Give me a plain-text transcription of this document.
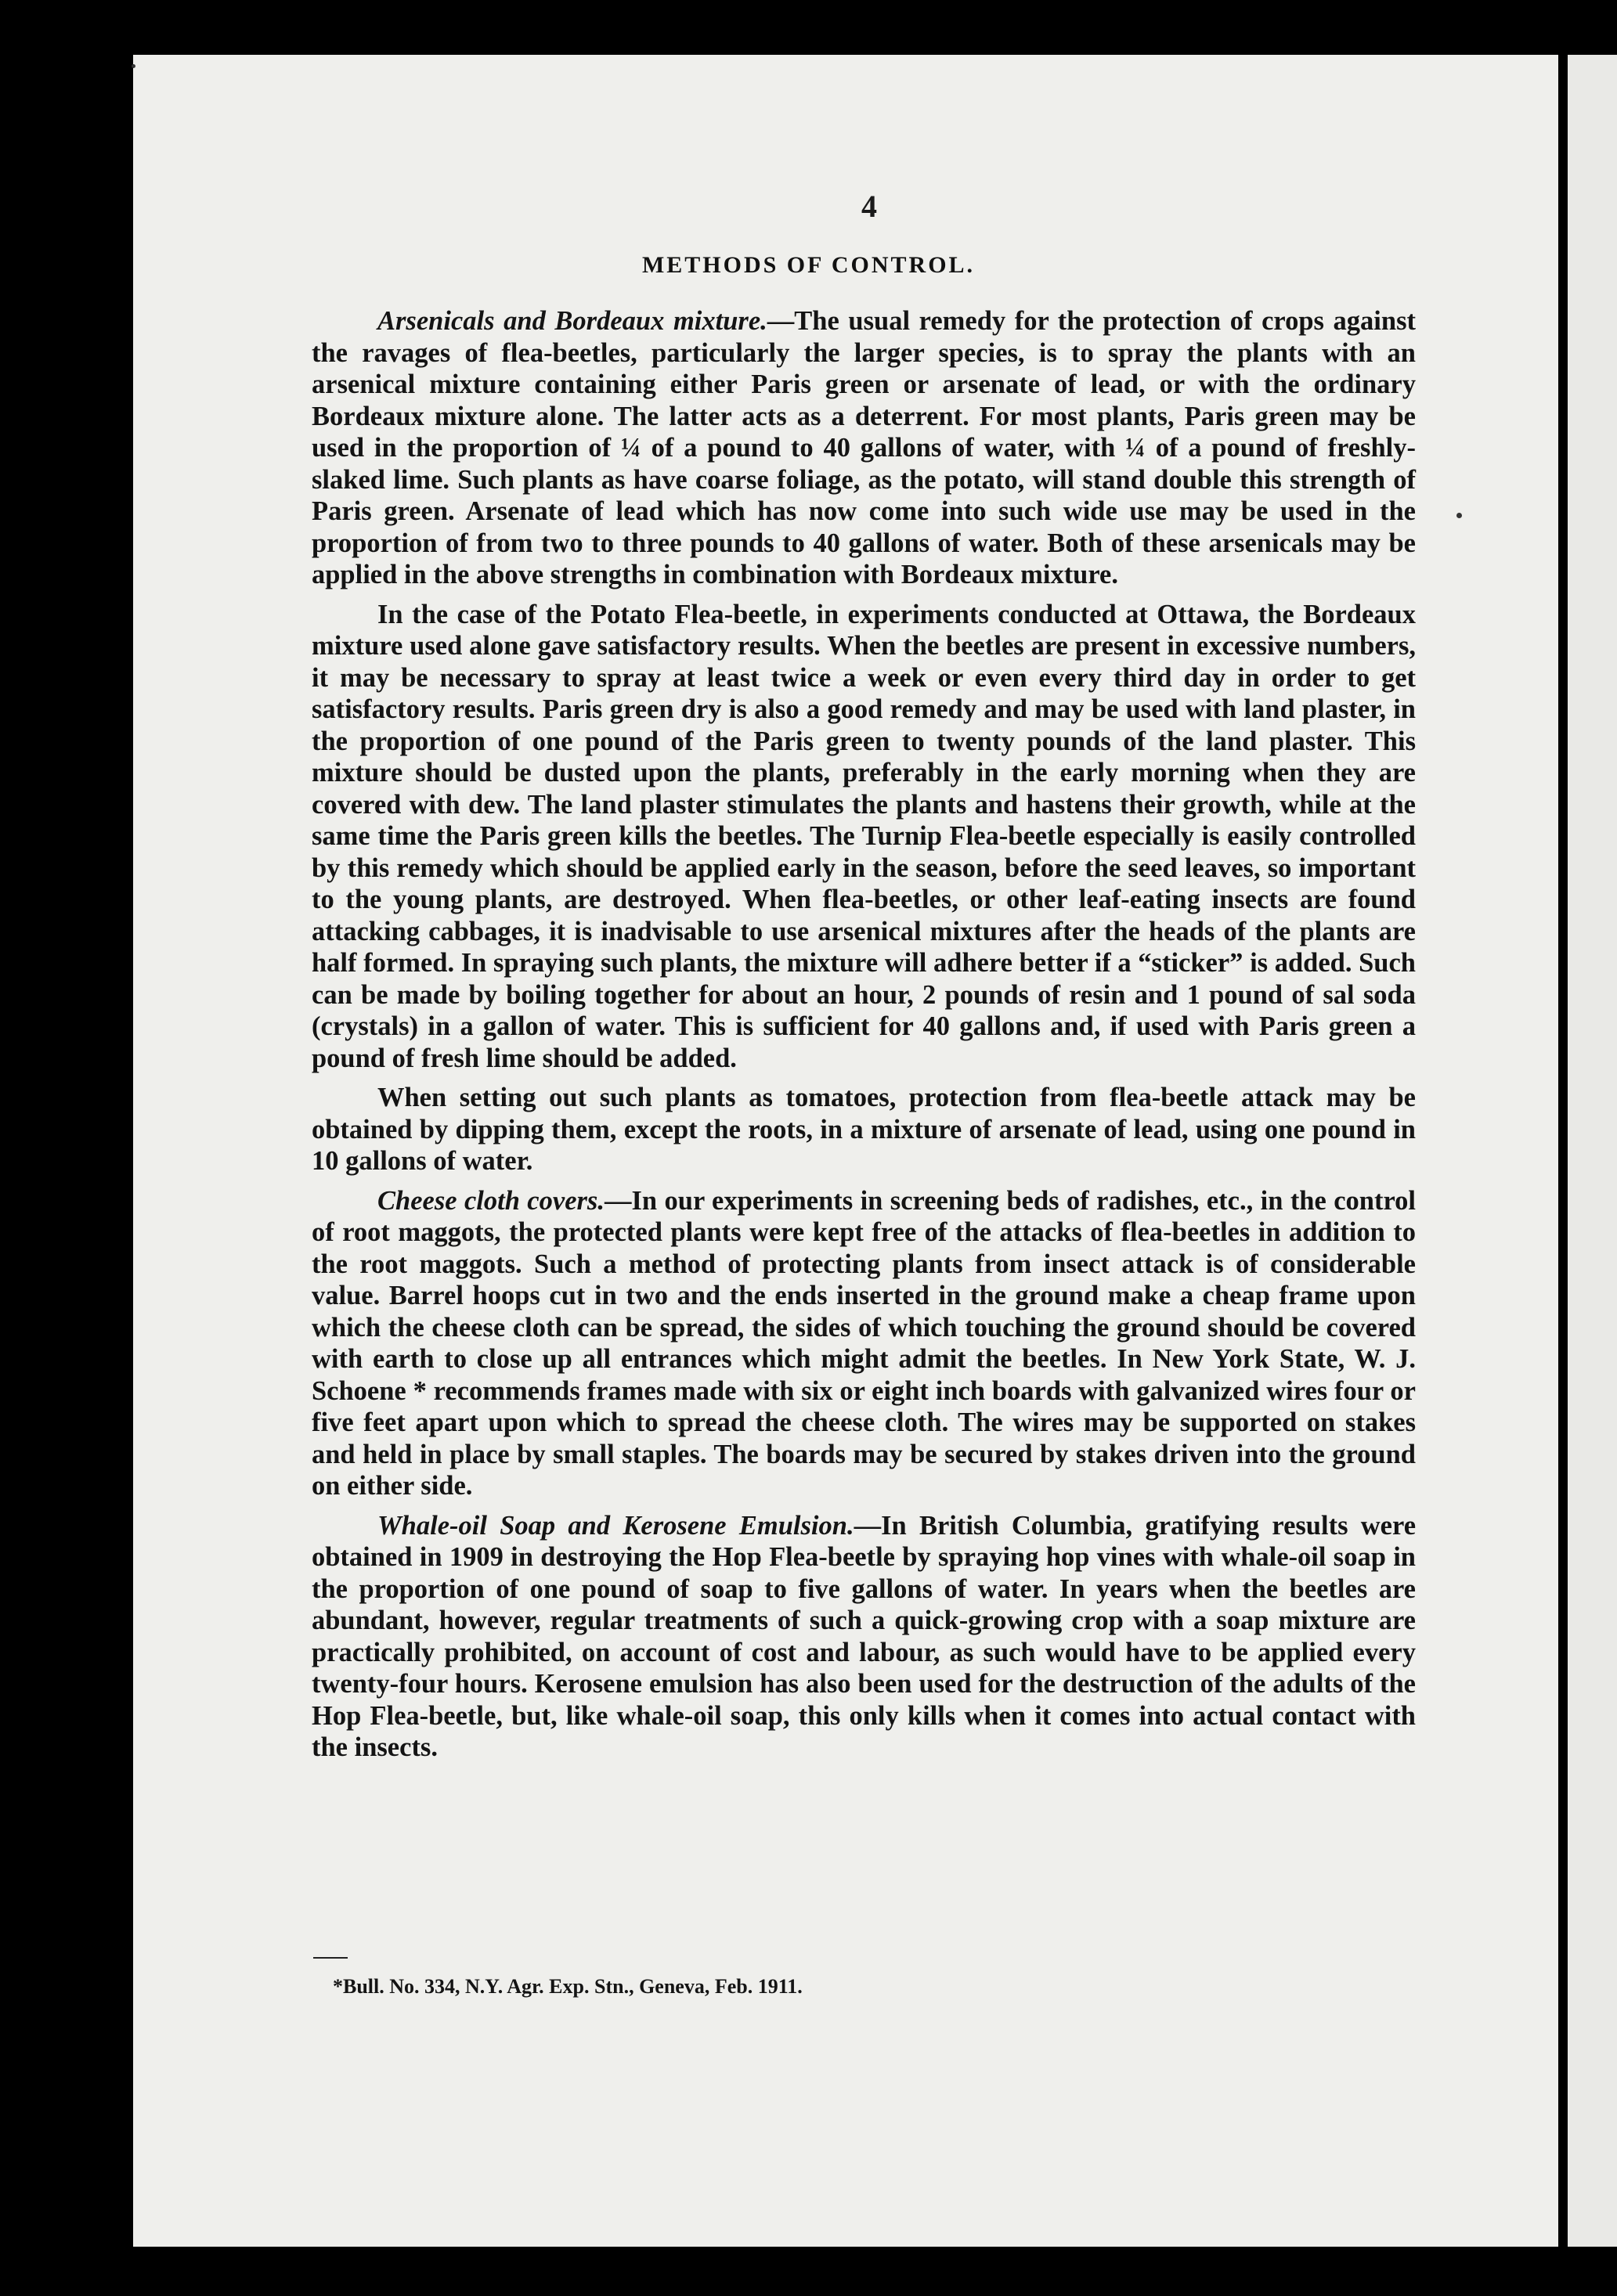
4
METHODS OF CONTROL.

Arsenicals and Bordeaux mixture.—The usual remedy for the protection of crops against the ravages of flea-beetles, particularly the larger species, is to spray the plants with an arsenical mixture containing either Paris green or arsenate of lead, or with the ordinary Bordeaux mixture alone. The latter acts as a deterrent. For most plants, Paris green may be used in the proportion of ¼ of a pound to 40 gallons of water, with ¼ of a pound of freshly-slaked lime. Such plants as have coarse foliage, as the potato, will stand double this strength of Paris green. Arsenate of lead which has now come into such wide use may be used in the proportion of from two to three pounds to 40 gallons of water. Both of these arsenicals may be applied in the above strengths in combination with Bordeaux mixture.

In the case of the Potato Flea-beetle, in experiments conducted at Ottawa, the Bordeaux mixture used alone gave satisfactory results. When the beetles are present in excessive numbers, it may be necessary to spray at least twice a week or even every third day in order to get satisfactory results. Paris green dry is also a good remedy and may be used with land plaster, in the proportion of one pound of the Paris green to twenty pounds of the land plaster. This mixture should be dusted upon the plants, preferably in the early morning when they are covered with dew. The land plaster stimulates the plants and hastens their growth, while at the same time the Paris green kills the beetles. The Turnip Flea-beetle especially is easily controlled by this remedy which should be applied early in the season, before the seed leaves, so important to the young plants, are destroyed. When flea-beetles, or other leaf-eating insects are found attacking cabbages, it is inadvisable to use arsenical mixtures after the heads of the plants are half formed. In spraying such plants, the mixture will adhere better if a “sticker” is added. Such can be made by boiling together for about an hour, 2 pounds of resin and 1 pound of sal soda (crystals) in a gallon of water. This is sufficient for 40 gallons and, if used with Paris green a pound of fresh lime should be added.

When setting out such plants as tomatoes, protection from flea-beetle attack may be obtained by dipping them, except the roots, in a mixture of arsenate of lead, using one pound in 10 gallons of water.

Cheese cloth covers.—In our experiments in screening beds of radishes, etc., in the control of root maggots, the protected plants were kept free of the attacks of flea-beetles in addition to the root maggots. Such a method of protecting plants from insect attack is of considerable value. Barrel hoops cut in two and the ends inserted in the ground make a cheap frame upon which the cheese cloth can be spread, the sides of which touching the ground should be covered with earth to close up all entrances which might admit the beetles. In New York State, W. J. Schoene * recommends frames made with six or eight inch boards with galvanized wires four or five feet apart upon which to spread the cheese cloth. The wires may be supported on stakes and held in place by small staples. The boards may be secured by stakes driven into the ground on either side.

Whale-oil Soap and Kerosene Emulsion.—In British Columbia, gratifying results were obtained in 1909 in destroying the Hop Flea-beetle by spraying hop vines with whale-oil soap in the proportion of one pound of soap to five gallons of water. In years when the beetles are abundant, however, regular treatments of such a quick-growing crop with a soap mixture are practically prohibited, on account of cost and labour, as such would have to be applied every twenty-four hours. Kerosene emulsion has also been used for the destruction of the adults of the Hop Flea-beetle, but, like whale-oil soap, this only kills when it comes into actual contact with the insects.

*Bull. No. 334, N.Y. Agr. Exp. Stn., Geneva, Feb. 1911.
